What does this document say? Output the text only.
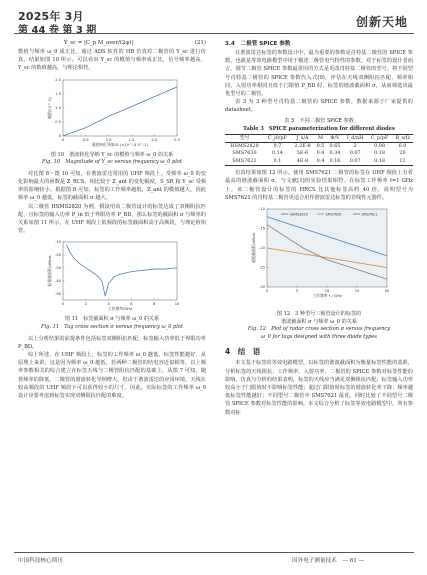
2025年 3月
第 44 卷 第 3 期
创新天地
Y_sc = |C_p M_aver/(2φ)|	(21)

数值与频率 ω_0 成正比。通过 ADS 软件的 HB 仿真对二极管的 Y_sc 进行仿真，结果如图 10 所示。可以看出 Y_sc 的模值与频率成正比，信号频率越高，Y_sc 的数值越高，与理论相符。

0	0.5	1.0	1.5	2.0	2.5
0
0.5
1.0
1.5
2.0
谐波转化导纳/Ω (×10^-4 V^-1)
模值/(V^-1)
图 10　谐波转化导纳 Y_sc 的模值与频率 ω_0 的关系
Fig. 10　Magnitude of Y_sc versus frequency ω_0 plot

对比图 8～图 10 可知，在谐波雷达常用的 UHF 频段上，受频率 ω_0 的变化影响最大的函数是 Z_RCS，相比较于 Z_ant 的变化幅度，S_SR 和 Y_sc 受频率的影响较小。根据图 8 可知，标签的工作频率越低，Z_ant 的模值越大，因此频率 ω_0 越低，标签的截面积 σ 越大。

以二极管 HSMS2820 为例，假设用该二极管设计的标签达成了双侧阻抗匹配，且标签的输入功率 P_in 低于界限功率 P_BD，那么标签的截面积 σ 与频率的关系如图 11 所示。在 UHF 频段上低频段的标签截面积高于高频段，与理论值相符。

0	2	4	6	8	10
-10
-20
-30
-40
-50
工作频率/GHz
标签截面积/dBsm
图 11　标签截面积 σ 与频率 ω_0 的关系
Fig. 11　Tag cross section σ versus frequency ω_0 plot

以上分析结果的前提条件包括标签双侧阻抗匹配、标签输入功率低于界限功率 P_BD。

综上所述，在 UHF 频段上，标签的工作频率 ω_0 越低，标签性能越好。从原理上来讲，这是因为频率 ω_0 越低，若两种二极管的结电容近似相等，以上频率参数相关的综合建立在标签天线与二极管阻抗匹配的基础上。从图 7 可知，随着频率的降低，二极管的谐波转化导纳增大，但由于谐波雷达的应用环境，天线在较高频段的 UHF 频段下可以获得较小的尺寸。因此，实际标签的工作频率 ω_0 设计应要考虑到标签实现双侧阻抗匹配的难度。

3.4　二极管 SPICE 参数

在谐波雷达标签的参数设计中，最为重要的参数是肖特基二极管的 SPICE 参数，也就是等效电路模型中用于描述二极管电气特性的参数。对于标签的设计者而言，调节二极管 SPICE 参数最常用的方式是更改肖特基二极管的型号。将不同型号肖特基二极管的 SPICE 参数代入式(9)，评估在天线双侧阻抗匹配、频率相同，入射功率相同且低于门限值 P_BD 时，标签的谐波截面积 σ，从而筛选出最优型号的二极管。

表 3 为 3 种型号肖特基二极管的 SPICE 参数，数据来源于厂家提供的 datasheet。

表 3　不同二极管 SPICE 参数
Table 3　SPICE parameterization for different diodes
型号	C_j0/pF	J_s/A	M	Φ/V	I_d/nH	C_p/pF	R_s/Ω
HSMS2820	0.7	2.2E-8	0.5	0.65	2	0.08	6.0
SMS7630	0.14	5E-6	0.4	0.34	0.07	0.18	20
SMS7621	0.1	4E-8	0.4	0.16	0.07	0.18	12

仿真结果如图 12 所示。使用 SMS7621 二极管的标签在 UHF 频段上有着最高的谐波截面积 σ，与文献[1]的实验结果相符。在标签工作频率 f=1 GHz 上，该二极管设计的标签的 HRCS 比其他标签高约 40 倍，说明型号为 SMS7621 的肖特基二极管更适合用作谐波雷达标签的非线性元器件。

0	5	10	15	20
-10
-15
-20
-25
-30
工作频率 f / GHz
谐波截面积/dBsm
HSMS2820	SMS7630	SMS7621
图 12　3 种型号二极管设计的标签的
谐波截面积 σ 与频率 ω_0 的关系
Fig. 12　Plot of radar cross section σ versus frequency
ω_0 for tags designed with three diode types
4　结　语

本文基于标签的等效电路模型，以标签的谐波截面积为衡量标签性能的基准，分析标签的天线阻抗、工作频率、入射功率、二极管的 SPICE 参数对标签性能的影响。仿真与分析的结果表明，标签的天线应当满足双侧阻抗匹配；标签输入功率较高小于门限值时不影响标签性能；超过门限值时标签的谐波转化率下降；频率越低标签性能越好；不同型号二极管中 SMS7621 最优。同时比较了不同型号二极管 SPICE 参数对标签性能的影响。本文综合分析了标签等效电路模型中，所有参数对标

中国科技核心期刊	国外电子测量技术　— 61 —
